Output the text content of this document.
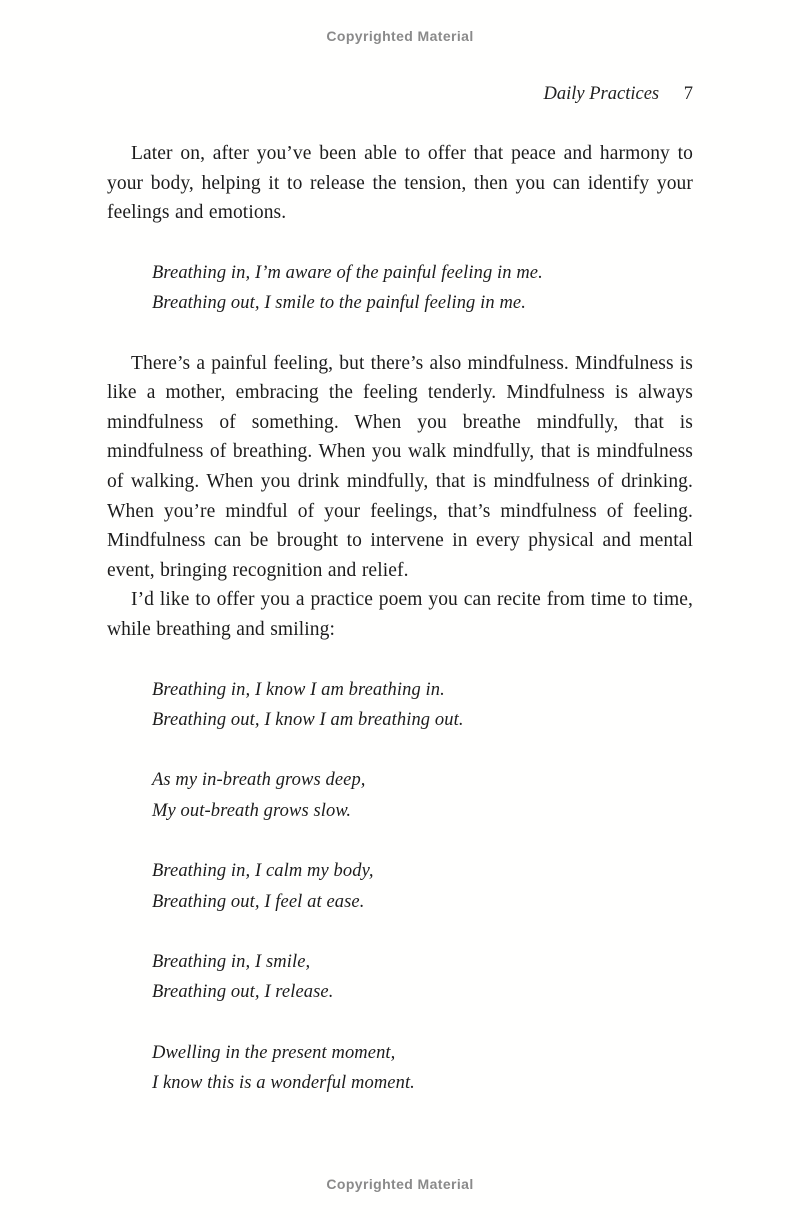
Copyrighted Material
Daily Practices 7

Later on, after you’ve been able to offer that peace and harmony to your body, helping it to release the tension, then you can identify your feelings and emotions.

Breathing in, I’m aware of the painful feeling in me.
Breathing out, I smile to the painful feeling in me.

There’s a painful feeling, but there’s also mindfulness. Mindfulness is like a mother, embracing the feeling tenderly. Mindfulness is always mindfulness of something. When you breathe mindfully, that is mindfulness of breathing. When you walk mindfully, that is mindfulness of walking. When you drink mindfully, that is mindfulness of drinking. When you’re mindful of your feelings, that’s mindfulness of feeling. Mindfulness can be brought to intervene in every physical and mental event, bringing recognition and relief.

I’d like to offer you a practice poem you can recite from time to time, while breathing and smiling:

Breathing in, I know I am breathing in.
Breathing out, I know I am breathing out.
As my in-breath grows deep,
My out-breath grows slow.
Breathing in, I calm my body,
Breathing out, I feel at ease.
Breathing in, I smile,
Breathing out, I release.
Dwelling in the present moment,
I know this is a wonderful moment.
Copyrighted Material
